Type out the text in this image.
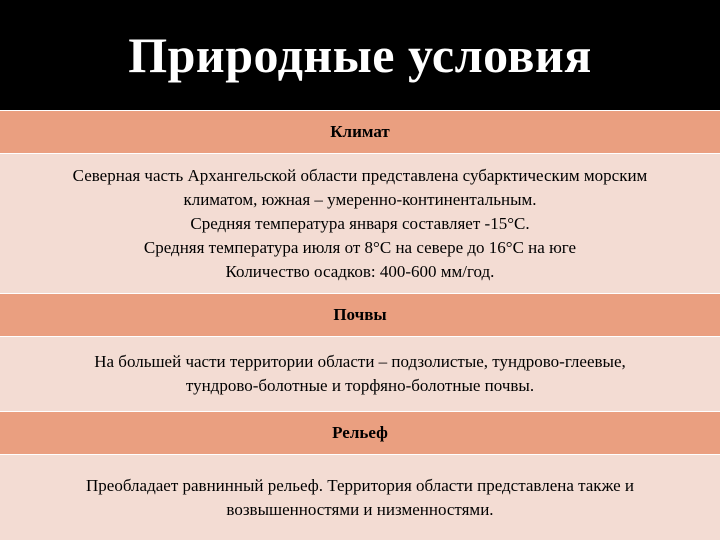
Природные условия
Климат
Северная часть Архангельской области представлена субарктическим морским
климатом, южная – умеренно-континентальным.
Средняя температура января составляет -15°С.
Средняя температура июля от 8°С на севере до 16°С на юге
Количество осадков: 400-600 мм/год.
Почвы
На большей части территории области – подзолистые, тундрово-глеевые,
тундрово-болотные и торфяно-болотные почвы.
Рельеф
Преобладает равнинный рельеф. Территория области представлена также и
возвышенностями и низменностями.
